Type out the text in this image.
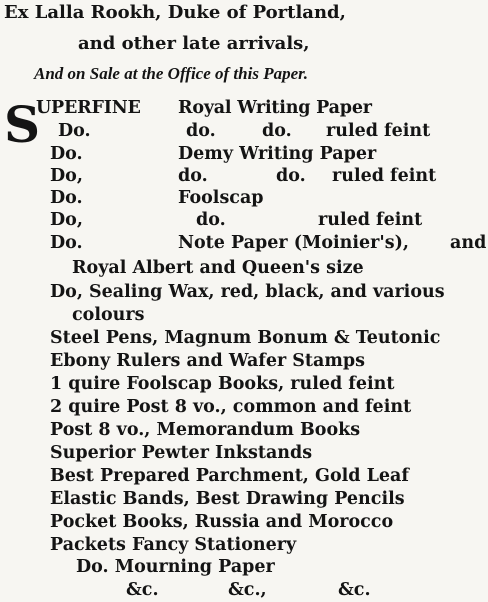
Ex Lalla Rookh, Duke of Portland,
and other late arrivals,
And on Sale at the Office of this Paper.
S
UPERFINE Royal Writing Paper
Do.	do.	do. ruled feint
Do.	Demy Writing Paper
Do,	do.	do. ruled feint
Do.	Foolscap
Do,	do.	ruled feint
Do.	Note Paper (Moinier's), and
Royal Albert and Queen's size
Do, Sealing Wax, red, black, and various
colours
Steel Pens, Magnum Bonum & Teutonic
Ebony Rulers and Wafer Stamps
1 quire Foolscap Books, ruled feint
2 quire Post 8 vo., common and feint
Post 8 vo., Memorandum Books
Superior Pewter Inkstands
Best Prepared Parchment, Gold Leaf
Elastic Bands, Best Drawing Pencils
Pocket Books, Russia and Morocco
Packets Fancy Stationery
Do. Mourning Paper
&c.	&c.,	&c.
